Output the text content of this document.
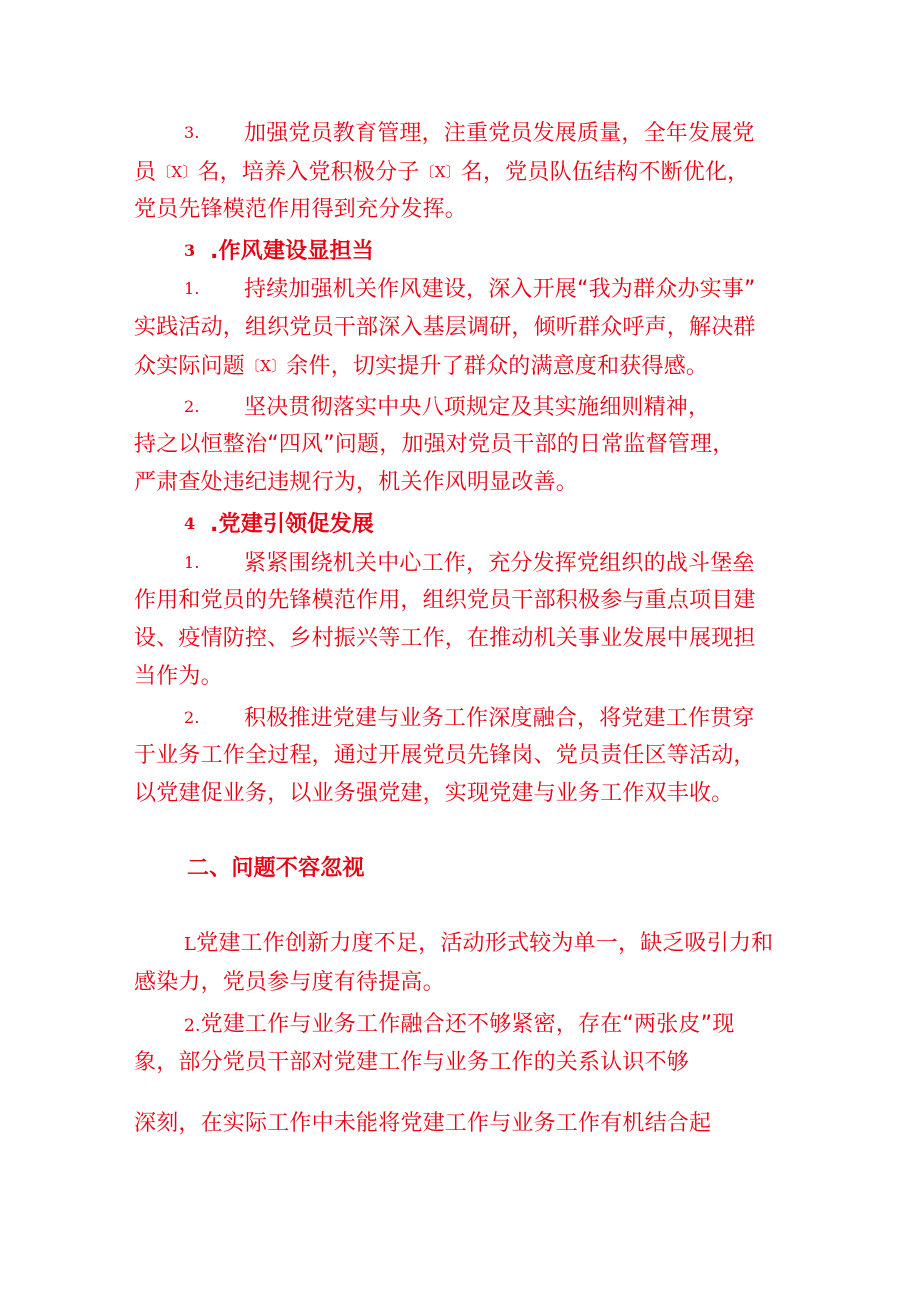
3. 加强党员教育管理，注重党员发展质量，全年发展党
员〔X〕名，培养入党积极分子〔X〕名，党员队伍结构不断优化，
党员先锋模范作用得到充分发挥。
3 .作风建设显担当
1. 持续加强机关作风建设，深入开展“我为群众办实事”
实践活动，组织党员干部深入基层调研，倾听群众呼声，解决群
众实际问题〔X〕余件，切实提升了群众的满意度和获得感。
2. 坚决贯彻落实中央八项规定及其实施细则精神，
持之以恒整治“四风”问题，加强对党员干部的日常监督管理，
严肃查处违纪违规行为，机关作风明显改善。
4 .党建引领促发展
1. 紧紧围绕机关中心工作，充分发挥党组织的战斗堡垒
作用和党员的先锋模范作用，组织党员干部积极参与重点项目建
设、疫情防控、乡村振兴等工作，在推动机关事业发展中展现担
当作为。
2. 积极推进党建与业务工作深度融合，将党建工作贯穿
于业务工作全过程，通过开展党员先锋岗、党员责任区等活动，
以党建促业务，以业务强党建，实现党建与业务工作双丰收。
二、问题不容忽视
L党建工作创新力度不足，活动形式较为单一，缺乏吸引力和
感染力，党员参与度有待提高。
2.党建工作与业务工作融合还不够紧密，存在“两张皮”现
象，部分党员干部对党建工作与业务工作的关系认识不够
深刻，在实际工作中未能将党建工作与业务工作有机结合起
